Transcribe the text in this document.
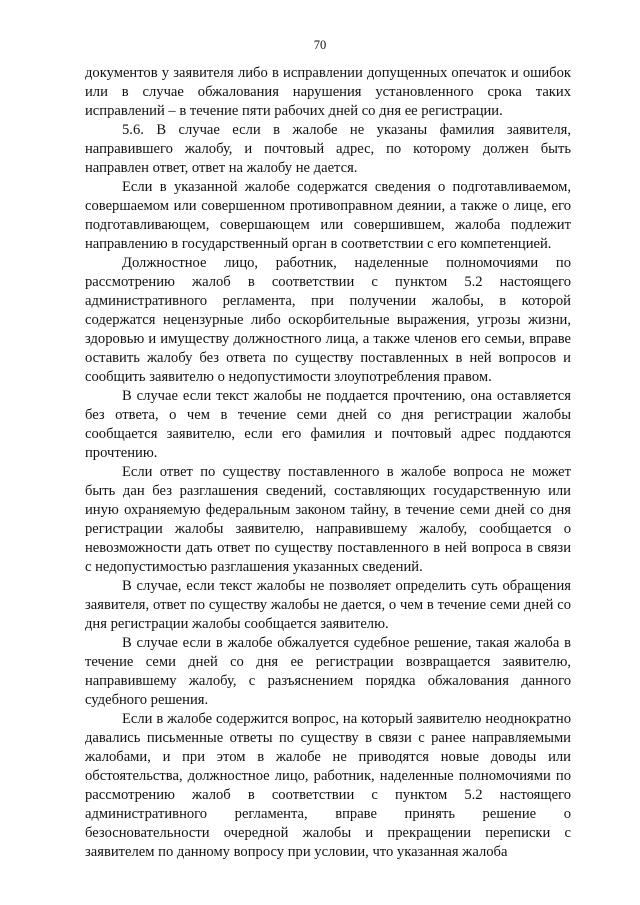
70

документов у заявителя либо в исправлении допущенных опечаток и ошибок или в случае обжалования нарушения установленного срока таких исправлений – в течение пяти рабочих дней со дня ее регистрации.

5.6. В случае если в жалобе не указаны фамилия заявителя, направившего жалобу, и почтовый адрес, по которому должен быть направлен ответ, ответ на жалобу не дается.

Если в указанной жалобе содержатся сведения о подготавливаемом, совершаемом или совершенном противоправном деянии, а также о лице, его подготавливающем, совершающем или совершившем, жалоба подлежит направлению в государственный орган в соответствии с его компетенцией.

Должностное лицо, работник, наделенные полномочиями по рассмотрению жалоб в соответствии с пунктом 5.2 настоящего административного регламента, при получении жалобы, в которой содержатся нецензурные либо оскорбительные выражения, угрозы жизни, здоровью и имуществу должностного лица, а также членов его семьи, вправе оставить жалобу без ответа по существу поставленных в ней вопросов и сообщить заявителю о недопустимости злоупотребления правом.

В случае если текст жалобы не поддается прочтению, она оставляется без ответа, о чем в течение семи дней со дня регистрации жалобы сообщается заявителю, если его фамилия и почтовый адрес поддаются прочтению.

Если ответ по существу поставленного в жалобе вопроса не может быть дан без разглашения сведений, составляющих государственную или иную охраняемую федеральным законом тайну, в течение семи дней со дня регистрации жалобы заявителю, направившему жалобу, сообщается о невозможности дать ответ по существу поставленного в ней вопроса в связи с недопустимостью разглашения указанных сведений.

В случае, если текст жалобы не позволяет определить суть обращения заявителя, ответ по существу жалобы не дается, о чем в течение семи дней со дня регистрации жалобы сообщается заявителю.

В случае если в жалобе обжалуется судебное решение, такая жалоба в течение семи дней со дня ее регистрации возвращается заявителю, направившему жалобу, с разъяснением порядка обжалования данного судебного решения.

Если в жалобе содержится вопрос, на который заявителю неоднократно давались письменные ответы по существу в связи с ранее направляемыми жалобами, и при этом в жалобе не приводятся новые доводы или обстоятельства, должностное лицо, работник, наделенные полномочиями по рассмотрению жалоб в соответствии с пунктом 5.2 настоящего административного регламента, вправе принять решение о безосновательности очередной жалобы и прекращении переписки с заявителем по данному вопросу при условии, что указанная жалоба
